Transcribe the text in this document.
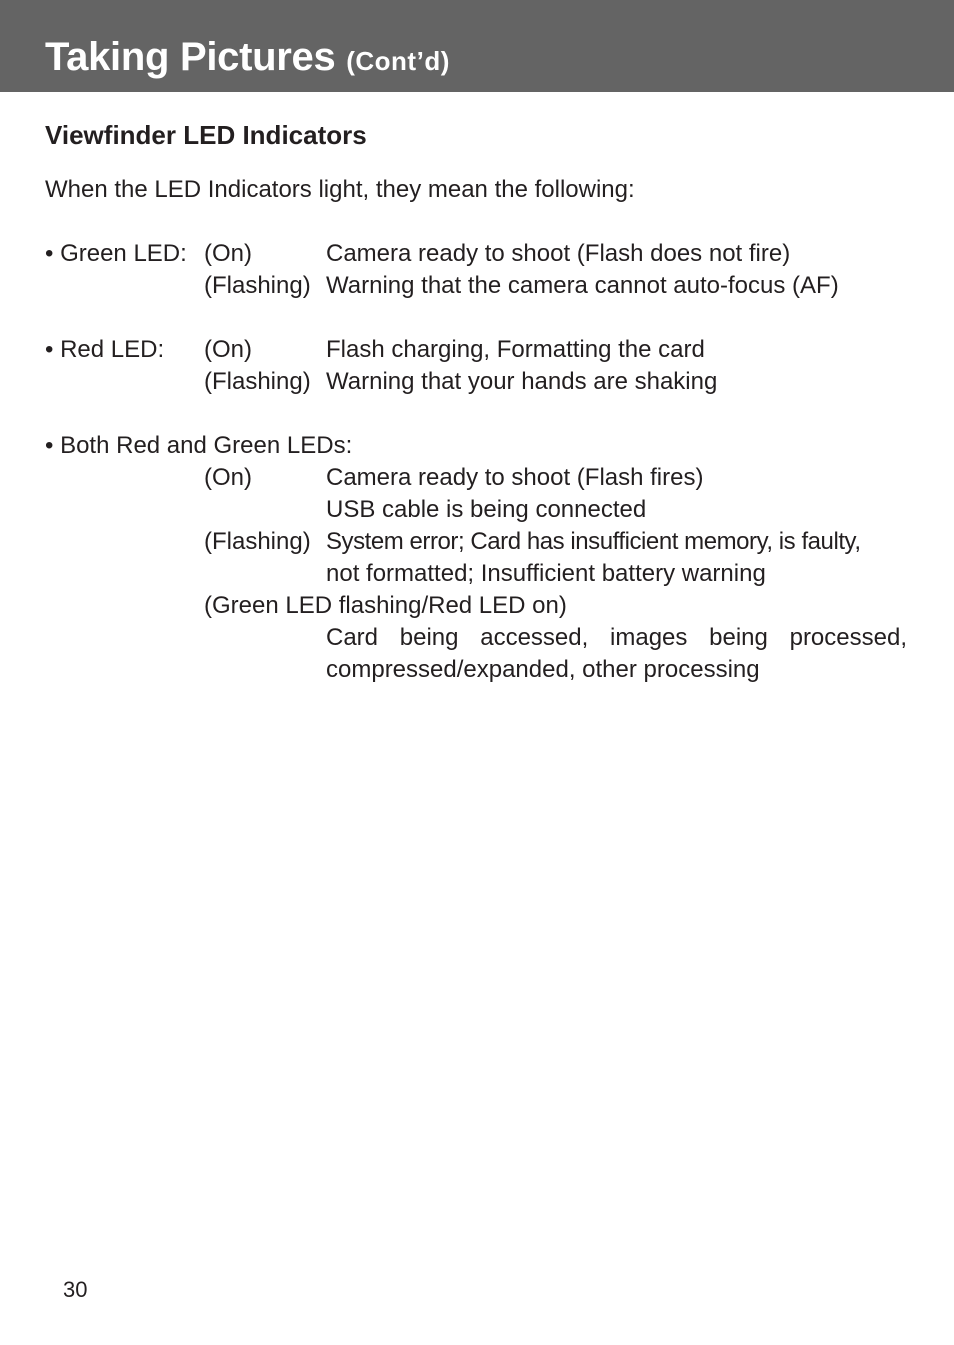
Taking Pictures (Cont’d)
Viewfinder LED Indicators

When the LED Indicators light, they mean the following:

• Green LED: (On)	Camera ready to shoot (Flash does not fire)
(Flashing) Warning that the camera cannot auto-focus (AF)
• Red LED: (On)	Flash charging, Formatting the card
(Flashing) Warning that your hands are shaking
• Both Red and Green LEDs:
(On)	Camera ready to shoot (Flash fires)
USB cable is being connected
(Flashing) System error; Card has insufficient memory, is faulty,
not formatted; Insufficient battery warning
(Green LED flashing/Red LED on)
Card being accessed, images being processed,
compressed/expanded, other processing
30
